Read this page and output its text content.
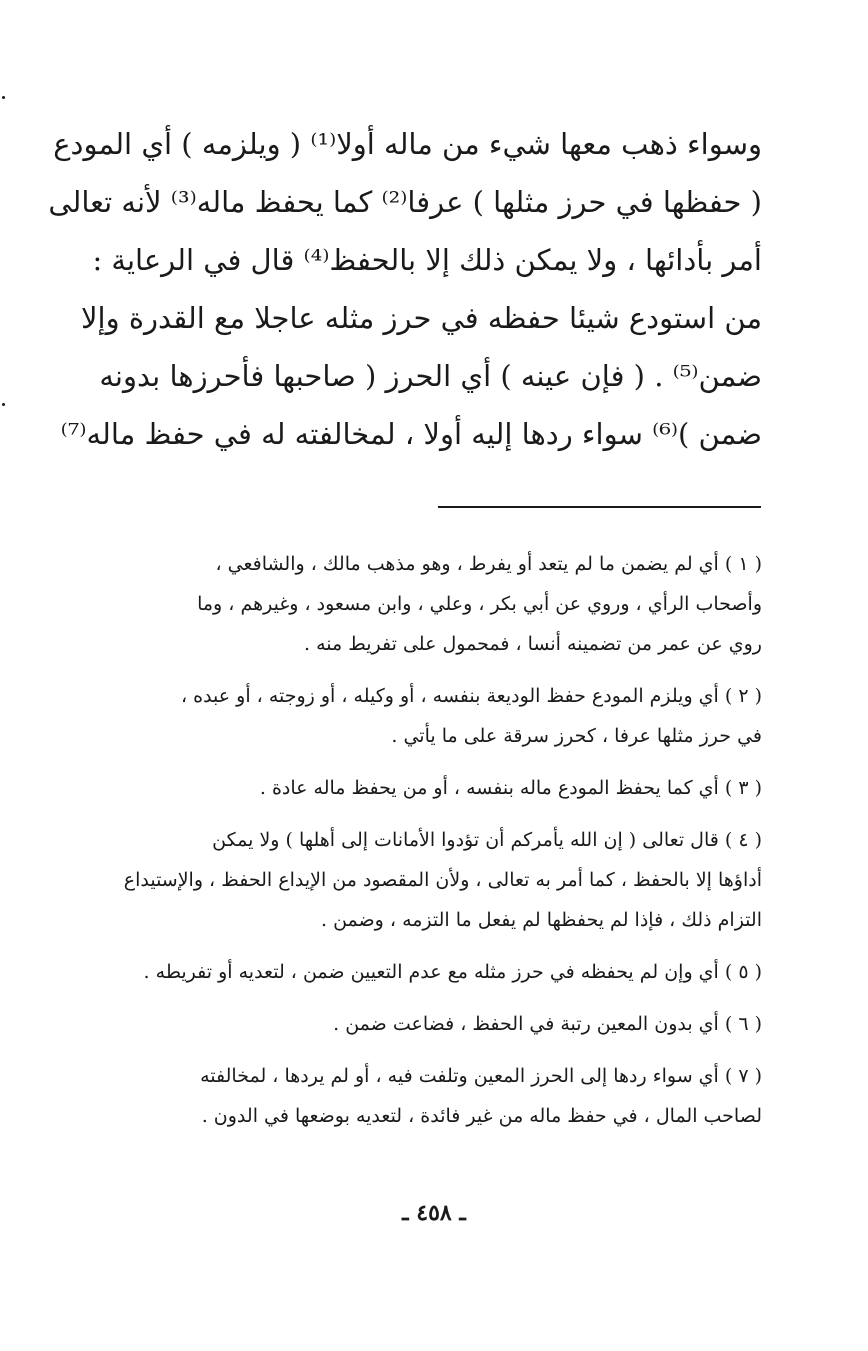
وسواء ذهب معها شيء من ماله أولا⁽¹⁾ ( ويلزمه ) أي المودع
( حفظها في حرز مثلها ) عرفا⁽²⁾ كما يحفظ ماله⁽³⁾ لأنه تعالى
أمر بأدائها ، ولا يمكن ذلك إلا بالحفظ⁽⁴⁾ قال في الرعاية :
من استودع شيئا حفظه في حرز مثله عاجلا مع القدرة وإلا
ضمن⁽⁵⁾ . ( فإن عينه ) أي الحرز ( صاحبها فأحرزها بدونه
ضمن )⁽⁶⁾ سواء ردها إليه أولا ، لمخالفته له في حفظ ماله⁽⁷⁾
( ١ ) أي لم يضمن ما لم يتعد أو يفرط ، وهو مذهب مالك ، والشافعي ،
وأصحاب الرأي ، وروي عن أبي بكر ، وعلي ، وابن مسعود ، وغيرهم ، وما
روي عن عمر من تضمينه أنسا ، فمحمول على تفريط منه .
( ٢ ) أي ويلزم المودع حفظ الوديعة بنفسه ، أو وكيله ، أو زوجته ، أو عبده ،
في حرز مثلها عرفا ، كحرز سرقة على ما يأتي .
( ٣ ) أي كما يحفظ المودع ماله بنفسه ، أو من يحفظ ماله عادة .
( ٤ ) قال تعالى ( إن الله يأمركم أن تؤدوا الأمانات إلى أهلها ) ولا يمكن
أداؤها إلا بالحفظ ، كما أمر به تعالى ، ولأن المقصود من الإيداع الحفظ ، والإستيداع
التزام ذلك ، فإذا لم يحفظها لم يفعل ما التزمه ، وضمن .
( ٥ ) أي وإن لم يحفظه في حرز مثله مع عدم التعيين ضمن ، لتعديه أو تفريطه .
( ٦ ) أي بدون المعين رتبة في الحفظ ، فضاعت ضمن .
( ٧ ) أي سواء ردها إلى الحرز المعين وتلفت فيه ، أو لم يردها ، لمخالفته
لصاحب المال ، في حفظ ماله من غير فائدة ، لتعديه بوضعها في الدون .
ـ ٤٥٨ ـ
